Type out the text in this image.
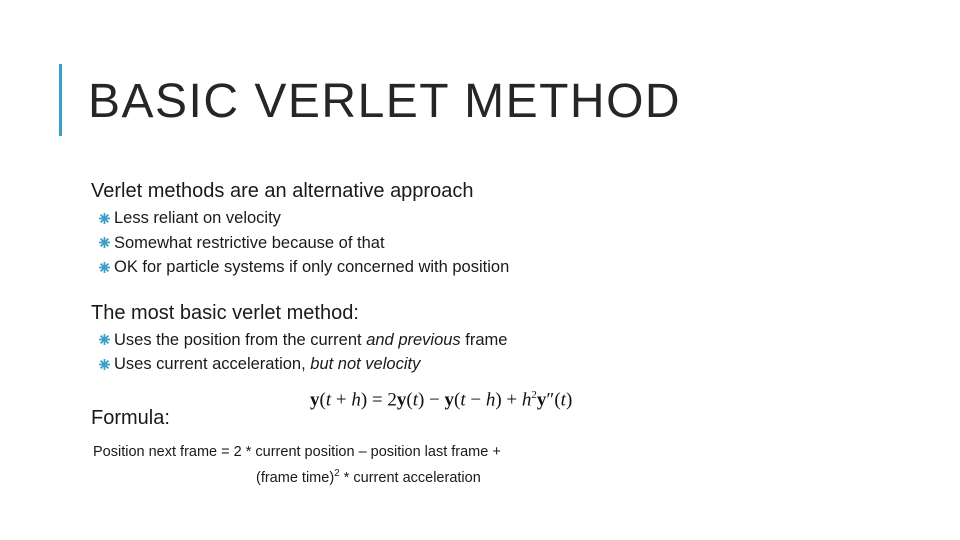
BASIC VERLET METHOD
Verlet methods are an alternative approach
Less reliant on velocity
Somewhat restrictive because of that
OK for particle systems if only concerned with position
The most basic verlet method:
Uses the position from the current and previous frame
Uses current acceleration, but not velocity
Formula:
$y(t + h) = 2y(t) - y(t - h) + h^2y''(t)$
Position next frame = 2 * current position – position last frame +
(frame time)$^2$ * current acceleration
